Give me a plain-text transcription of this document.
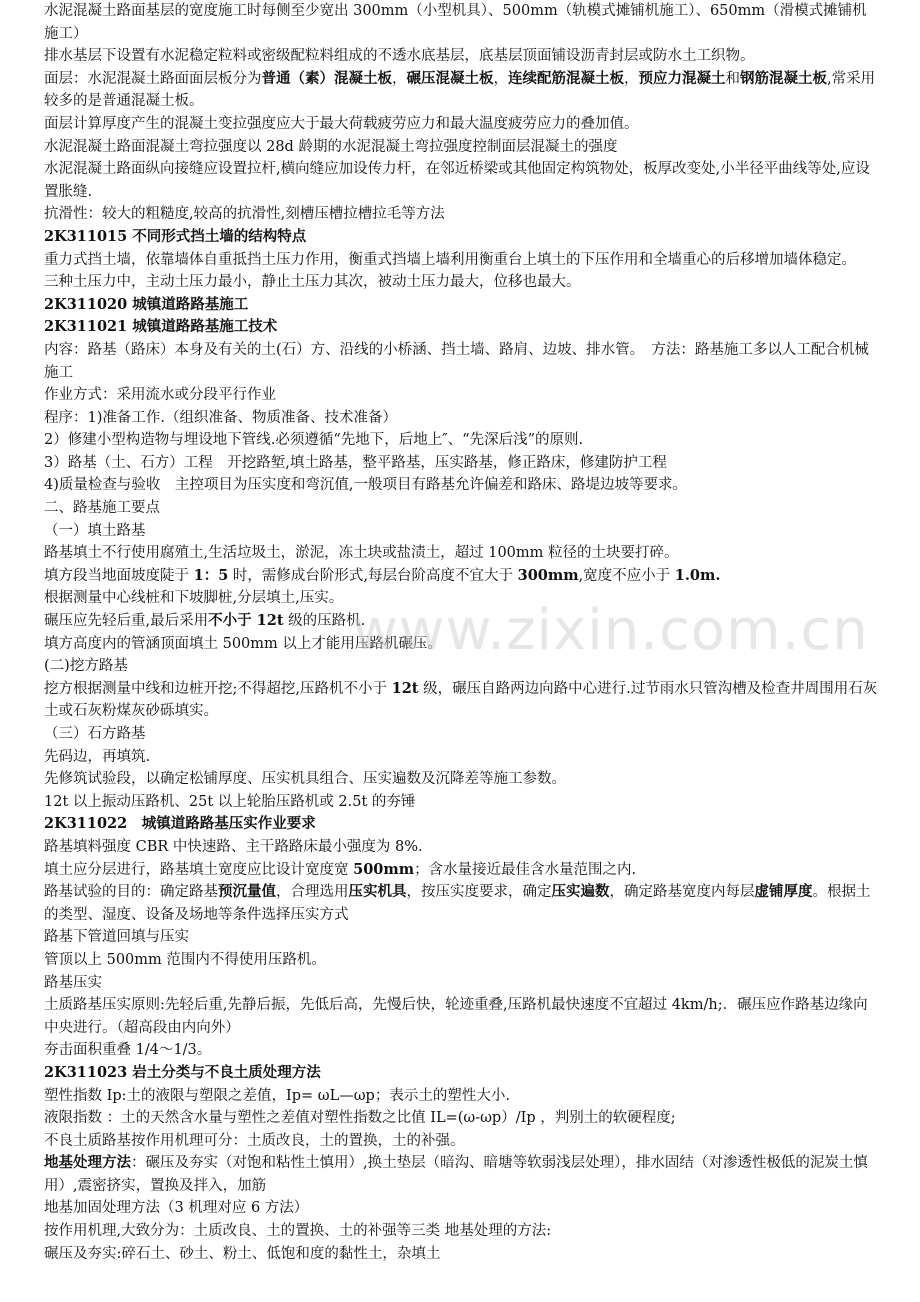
水泥混凝土路面基层的宽度施工时每侧至少宽出 300mm（小型机具）、500mm（轨模式摊铺机施工）、650mm（滑模式摊铺机施工）

排水基层下设置有水泥稳定粒料或密级配粒料组成的不透水底基层，底基层顶面铺设沥青封层或防水土工织物。

面层：水泥混凝土路面面层板分为普通（素）混凝土板，碾压混凝土板，连续配筋混凝土板，预应力混凝土和钢筋混凝土板,常采用较多的是普通混凝土板。

面层计算厚度产生的混凝土变拉强度应大于最大荷载疲劳应力和最大温度疲劳应力的叠加值。

水泥混凝土路面混凝土弯拉强度以 28d 龄期的水泥混凝土弯拉强度控制面层混凝土的强度

水泥混凝土路面纵向接缝应设置拉杆,横向缝应加设传力杆，在邻近桥梁或其他固定构筑物处，板厚改变处,小半径平曲线等处,应设置胀缝.

抗滑性：较大的粗糙度,较高的抗滑性,刻槽压槽拉槽拉毛等方法

2K311015 不同形式挡土墙的结构特点

重力式挡土墙，依靠墙体自重抵挡土压力作用，衡重式挡墙上墙利用衡重台上填土的下压作用和全墙重心的后移增加墙体稳定。

三种土压力中，主动土压力最小，静止土压力其次，被动土压力最大，位移也最大。

2K311020 城镇道路路基施工

2K311021 城镇道路路基施工技术

内容：路基（路床）本身及有关的土(石）方、沿线的小桥涵、挡土墙、路肩、边坡、排水管。　方法：路基施工多以人工配合机械施工

作业方式：采用流水或分段平行作业

程序：1)准备工作.（组织准备、物质准备、技术准备）

2）修建小型构造物与埋设地下管线.必须遵循“先地下，后地上″、“先深后浅”的原则.

3）路基（土、石方）工程　开挖路堑,填土路基，整平路基，压实路基，修正路床，修建防护工程

4)质量检查与验收　主控项目为压实度和弯沉值,一般项目有路基允许偏差和路床、路堤边坡等要求。

二、路基施工要点

（一）填土路基

路基填土不行使用腐殖土,生活垃圾土，淤泥，冻土块或盐渍土，超过 100mm 粒径的土块要打碎。

填方段当地面坡度陡于 1：5 时，需修成台阶形式,每层台阶高度不宜大于 300mm,宽度不应小于 1.0m.

根据测量中心线桩和下坡脚桩,分层填土,压实。

碾压应先轻后重,最后采用不小于 12t 级的压路机.

填方高度内的管涵顶面填土 500mm 以上才能用压路机碾压。

(二)挖方路基

挖方根据测量中线和边桩开挖;不得超挖,压路机不小于 12t 级，碾压自路两边向路中心进行.过节雨水只管沟槽及检查井周围用石灰土或石灰粉煤灰砂砾填实。

（三）石方路基

先码边，再填筑.

先修筑试验段，以确定松铺厚度、压实机具组合、压实遍数及沉降差等施工参数。

12t 以上振动压路机、25t 以上轮胎压路机或 2.5t 的夯锤

2K311022　城镇道路路基压实作业要求

路基填料强度 CBR 中快速路、主干路路床最小强度为 8%.

填土应分层进行，路基填土宽度应比设计宽度宽 500mm；含水量接近最佳含水量范围之内.

路基试验的目的：确定路基预沉量值，合理选用压实机具，按压实度要求，确定压实遍数，确定路基宽度内每层虚铺厚度。根据土的类型、湿度、设备及场地等条件选择压实方式

路基下管道回填与压实

管顶以上 500mm 范围内不得使用压路机。

路基压实

土质路基压实原则:先轻后重,先静后振，先低后高，先慢后快，轮迹重叠,压路机最快速度不宜超过 4km/h;．碾压应作路基边缘向中央进行。（超高段由内向外）

夯击面积重叠 1/4～1/3。

2K311023 岩土分类与不良土质处理方法

塑性指数 Ip:土的液限与塑限之差值，Ip= ωL—ωp；表示土的塑性大小.

液限指数 ：土的天然含水量与塑性之差值对塑性指数之比值 IL=(ω-ωp）/Ip ，判别土的软硬程度;

不良土质路基按作用机理可分：土质改良，土的置换，土的补强。

地基处理方法：碾压及夯实（对饱和粘性土慎用）,换土垫层（暗沟、暗塘等软弱浅层处理），排水固结（对渗透性极低的泥炭土慎用）,震密挤实，置换及拌入，加筋

地基加固处理方法（3 机理对应 6 方法）

按作用机理,大致分为：土质改良、土的置换、土的补强等三类 地基处理的方法:

碾压及夯实:碎石土、砂土、粉土、低饱和度的黏性土，杂填土

www.zixin.com.cn
